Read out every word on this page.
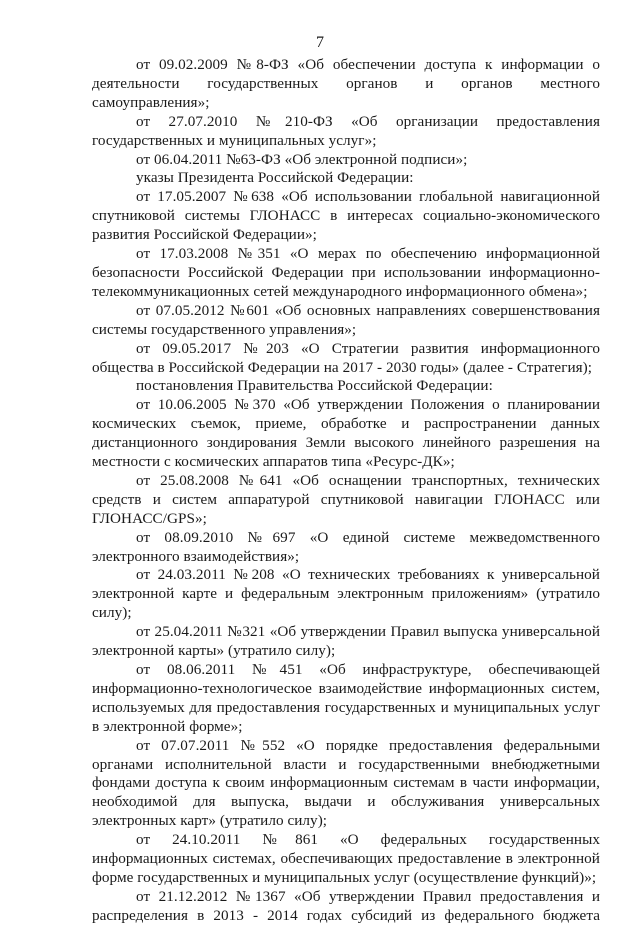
7

от 09.02.2009 №8-ФЗ «Об обеспечении доступа к информации о деятельности государственных органов и органов местного самоуправления»;

от 27.07.2010 №210-ФЗ «Об организации предоставления государственных и муниципальных услуг»;

от 06.04.2011 №63-ФЗ «Об электронной подписи»;

указы Президента Российской Федерации:

от 17.05.2007 №638 «Об использовании глобальной навигационной спутниковой системы ГЛОНАСС в интересах социально-экономического развития Российской Федерации»;

от 17.03.2008 №351 «О мерах по обеспечению информационной безопасности Российской Федерации при использовании информационно-телекоммуникационных сетей международного информационного обмена»;

от 07.05.2012 №601 «Об основных направлениях совершенствования системы государственного управления»;

от 09.05.2017 №203 «О Стратегии развития информационного общества в Российской Федерации на 2017 - 2030 годы» (далее - Стратегия);

постановления Правительства Российской Федерации:

от 10.06.2005 №370 «Об утверждении Положения о планировании космических съемок, приеме, обработке и распространении данных дистанционного зондирования Земли высокого линейного разрешения на местности с космических аппаратов типа «Ресурс-ДК»;

от 25.08.2008 №641 «Об оснащении транспортных, технических средств и систем аппаратурой спутниковой навигации ГЛОНАСС или ГЛОНАСС/GPS»;

от 08.09.2010 №697 «О единой системе межведомственного электронного взаимодействия»;

от 24.03.2011 №208 «О технических требованиях к универсальной электронной карте и федеральным электронным приложениям» (утратило силу);

от 25.04.2011 №321 «Об утверждении Правил выпуска универсальной электронной карты» (утратило силу);

от 08.06.2011 №451 «Об инфраструктуре, обеспечивающей информационно-технологическое взаимодействие информационных систем, используемых для предоставления государственных и муниципальных услуг в электронной форме»;

от 07.07.2011 №552 «О порядке предоставления федеральными органами исполнительной власти и государственными внебюджетными фондами доступа к своим информационным системам в части информации, необходимой для выпуска, выдачи и обслуживания универсальных электронных карт» (утратило силу);

от 24.10.2011 №861 «О федеральных государственных информационных системах, обеспечивающих предоставление в электронной форме государственных и муниципальных услуг (осуществление функций)»;

от 21.12.2012 №1367 «Об утверждении Правил предоставления и распределения в 2013 - 2014 годах субсидий из федерального бюджета
